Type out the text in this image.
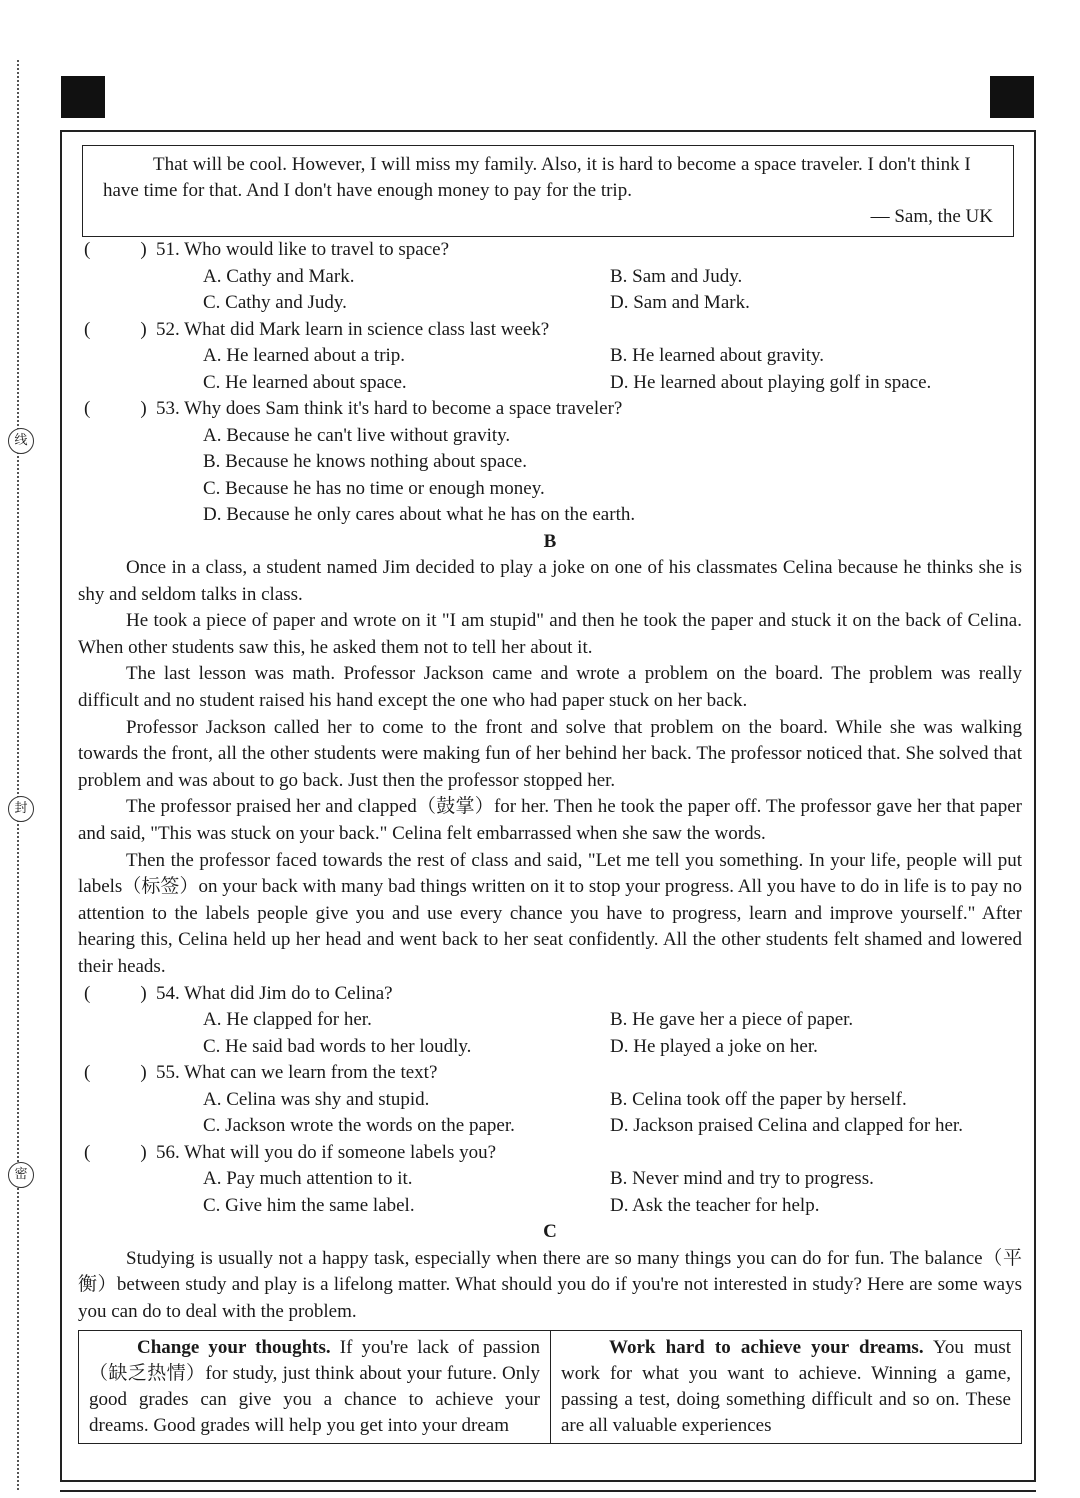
线
封
密

That will be cool. However, I will miss my family. Also, it is hard to become a space traveler. I don't think I have time for that. And I don't have enough money to pay for the trip.

— Sam, the UK
(	) 51. Who would like to travel to space?
A. Cathy and Mark.	B. Sam and Judy.
C. Cathy and Judy.	D. Sam and Mark.
(	) 52. What did Mark learn in science class last week?
A. He learned about a trip.	B. He learned about gravity.
C. He learned about space.	D. He learned about playing golf in space.
(	) 53. Why does Sam think it's hard to become a space traveler?
A. Because he can't live without gravity.
B. Because he knows nothing about space.
C. Because he has no time or enough money.
D. Because he only cares about what he has on the earth.
B

Once in a class, a student named Jim decided to play a joke on one of his classmates Celina because he thinks she is shy and seldom talks in class.

He took a piece of paper and wrote on it "I am stupid" and then he took the paper and stuck it on the back of Celina. When other students saw this, he asked them not to tell her about it.

The last lesson was math. Professor Jackson came and wrote a problem on the board. The problem was really difficult and no student raised his hand except the one who had paper stuck on her back.

Professor Jackson called her to come to the front and solve that problem on the board. While she was walking towards the front, all the other students were making fun of her behind her back. The professor noticed that. She solved that problem and was about to go back. Just then the professor stopped her.

The professor praised her and clapped（鼓掌）for her. Then he took the paper off. The professor gave her that paper and said, "This was stuck on your back." Celina felt embarrassed when she saw the words.

Then the professor faced towards the rest of class and said, "Let me tell you something. In your life, people will put labels（标签）on your back with many bad things written on it to stop your progress. All you have to do in life is to pay no attention to the labels people give you and use every chance you have to progress, learn and improve yourself." After hearing this, Celina held up her head and went back to her seat confidently. All the other students felt shamed and lowered their heads.

(	) 54. What did Jim do to Celina?
A. He clapped for her.	B. He gave her a piece of paper.
C. He said bad words to her loudly.	D. He played a joke on her.
(	) 55. What can we learn from the text?
A. Celina was shy and stupid.	B. Celina took off the paper by herself.
C. Jackson wrote the words on the paper.	D. Jackson praised Celina and clapped for her.
(	) 56. What will you do if someone labels you?
A. Pay much attention to it.	B. Never mind and try to progress.
C. Give him the same label.	D. Ask the teacher for help.
C

Studying is usually not a happy task, especially when there are so many things you can do for fun. The balance（平衡）between study and play is a lifelong matter. What should you do if you're not interested in study? Here are some ways you can do to deal with the problem.

Change your thoughts. If you're lack of passion（缺乏热情）for study, just think about your future. Only good grades can give you a chance to achieve your dreams. Good grades will help you get into your dream

Work hard to achieve your dreams. You must work for what you want to achieve. Winning a game, passing a test, doing something difficult and so on. These are all valuable experiences
